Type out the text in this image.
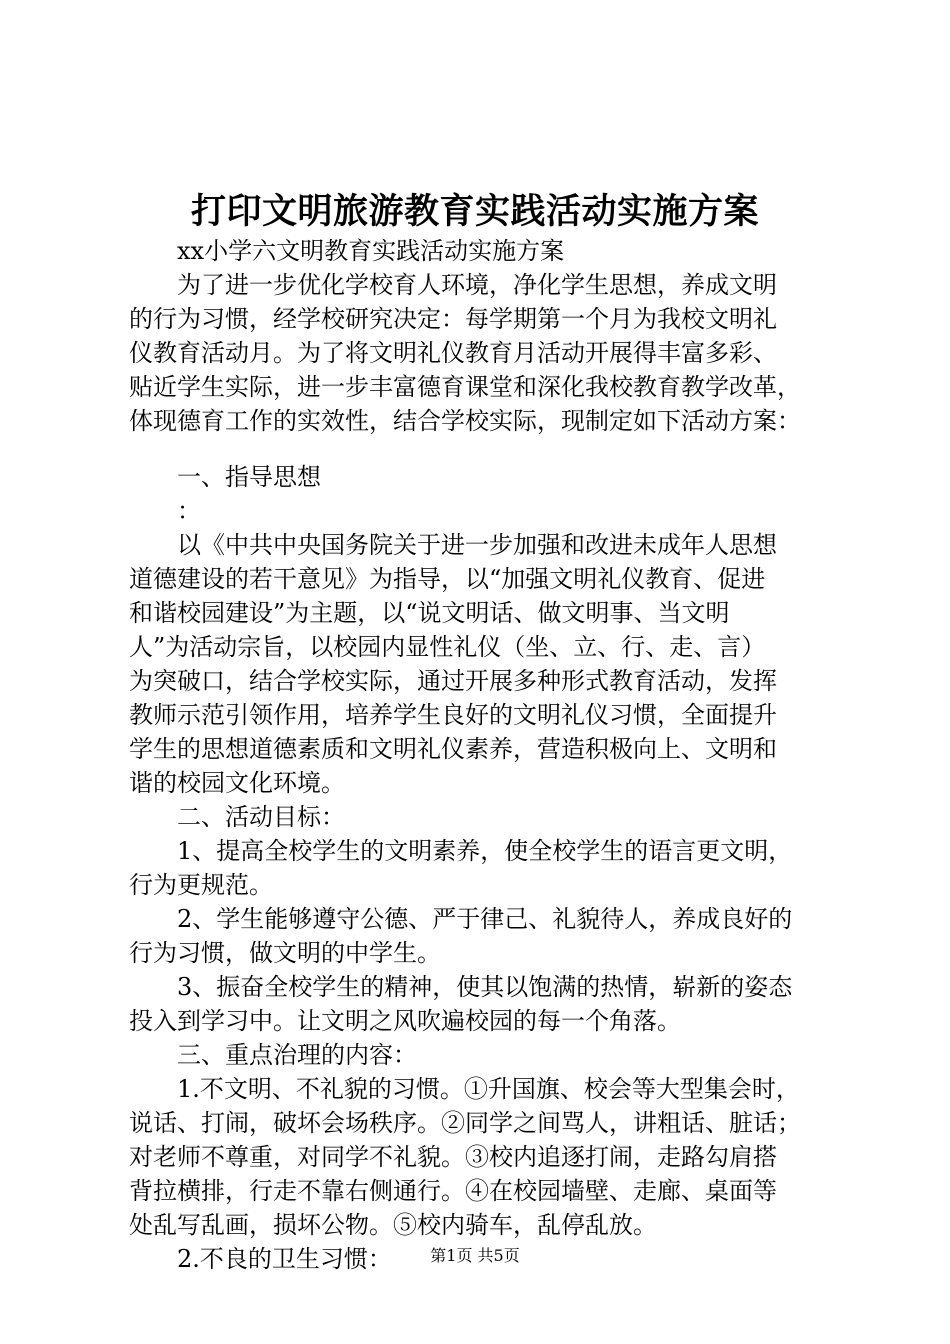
打印文明旅游教育实践活动实施方案
xx小学六文明教育实践活动实施方案
为了进一步优化学校育人环境，净化学生思想，养成文明
的行为习惯，经学校研究决定：每学期第一个月为我校文明礼
仪教育活动月。为了将文明礼仪教育月活动开展得丰富多彩、
贴近学生实际，进一步丰富德育课堂和深化我校教育教学改革，
体现德育工作的实效性，结合学校实际，现制定如下活动方案：
一、指导思想
：
以《中共中央国务院关于进一步加强和改进未成年人思想
道德建设的若干意见》为指导，以“加强文明礼仪教育、促进
和谐校园建设”为主题，以“说文明话、做文明事、当文明
人”为活动宗旨，以校园内显性礼仪（坐、立、行、走、言）
为突破口，结合学校实际，通过开展多种形式教育活动，发挥
教师示范引领作用，培养学生良好的文明礼仪习惯，全面提升
学生的思想道德素质和文明礼仪素养，营造积极向上、文明和
谐的校园文化环境。
二、活动目标：
1、提高全校学生的文明素养，使全校学生的语言更文明，
行为更规范。
2、学生能够遵守公德、严于律己、礼貌待人，养成良好的
行为习惯，做文明的中学生。
3、振奋全校学生的精神，使其以饱满的热情，崭新的姿态
投入到学习中。让文明之风吹遍校园的每一个角落。
三、重点治理的内容：
1.不文明、不礼貌的习惯。①升国旗、校会等大型集会时，
说话、打闹，破坏会场秩序。②同学之间骂人，讲粗话、脏话；
对老师不尊重，对同学不礼貌。③校内追逐打闹，走路勾肩搭
背拉横排，行走不靠右侧通行。④在校园墙壁、走廊、桌面等
处乱写乱画，损坏公物。⑤校内骑车，乱停乱放。
2.不良的卫生习惯：	第1页 共5页
